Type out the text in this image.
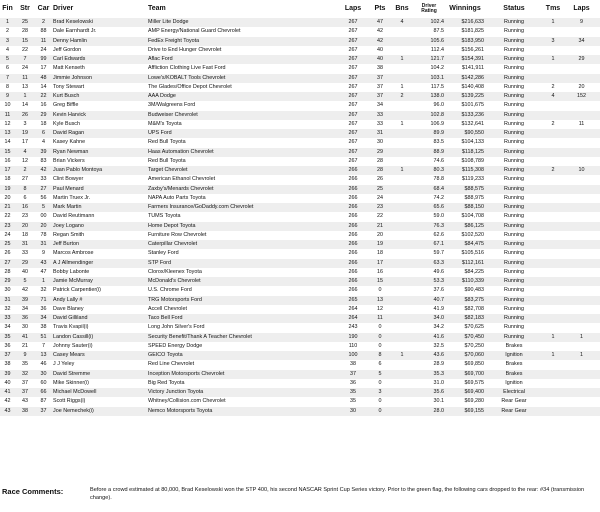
Fin	Str	Car	Driver	Team	Laps	Pts	Bns	Driver Rating	Winnings	Status	Tms	Laps
1	25	2	Brad Keselowski	Miller Lite Dodge	267	47	4	102.4	$216,633	Running	1	9
2	28	88	Dale Earnhardt Jr.	AMP Energy/National Guard Chevrolet	267	42		87.5	$181,825	Running		
3	15	11	Denny Hamlin	FedEx Freight Toyota	267	42		105.6	$183,950	Running	3	34
4	22	24	Jeff Gordon	Drive to End Hunger Chevrolet	267	40		112.4	$156,261	Running		
5	7	99	Carl Edwards	Aflac Ford	267	40	1	121.7	$154,391	Running	1	29
6	24	17	Matt Kenseth	Affliction Clothing Live Fast Ford	267	38		104.2	$141,911	Running		
7	11	48	Jimmie Johnson	Lowe's/KOBALT Tools Chevrolet	267	37		103.1	$142,286	Running		
8	13	14	Tony Stewart	The Glades/Office Depot Chevrolet	267	37	1	117.5	$140,408	Running	2	20
9	1	22	Kurt Busch	AAA Dodge	267	37	2	138.0	$139,225	Running	4	152
10	14	16	Greg Biffle	3M/Walgreens Ford	267	34		96.0	$101,675	Running		
11	26	29	Kevin Harvick	Budweiser Chevrolet	267	33		102.8	$133,236	Running		
12	3	18	Kyle Busch	M&M's Toyota	267	33	1	106.9	$132,641	Running	2	11
13	19	6	David Ragan	UPS Ford	267	31		89.9	$90,550	Running		
14	17	4	Kasey Kahne	Red Bull Toyota	267	30		83.5	$104,133	Running		
15	4	39	Ryan Newman	Haas Automation Chevrolet	267	29		88.9	$118,125	Running		
16	12	83	Brian Vickers	Red Bull Toyota	267	28		74.6	$108,789	Running		
17	2	42	Juan Pablo Montoya	Target Chevrolet	266	28	1	80.3	$115,308	Running	2	10
18	27	33	Clint Bowyer	American Ethanol Chevrolet	266	26		78.8	$119,233	Running		
19	8	27	Paul Menard	Zaxby's/Menards Chevrolet	266	25		68.4	$88,575	Running		
20	6	56	Martin Truex Jr.	NAPA Auto Parts Toyota	266	24		74.2	$88,975	Running		
21	16	5	Mark Martin	Farmers Insurance/GoDaddy.com Chevrolet	266	23		65.6	$88,150	Running		
22	23	00	David Reutimann	TUMS Toyota	266	22		59.0	$104,708	Running		
23	20	20	Joey Logano	Home Depot Toyota	266	21		76.3	$86,125	Running		
24	18	78	Regan Smith	Furniture Row Chevrolet	266	20		62.6	$102,520	Running		
25	31	31	Jeff Burton	Caterpillar Chevrolet	266	19		67.1	$84,475	Running		
26	33	9	Marcos Ambrose	Stanley Ford	266	18		59.7	$105,516	Running		
27	29	43	A J Allmendinger	STP Ford	266	17		63.3	$112,161	Running		
28	40	47	Bobby Labonte	Clorox/Kleenex Toyota	266	16		49.6	$84,225	Running		
29	5	1	Jamie McMurray	McDonald's Chevrolet	266	15		53.3	$110,339	Running		
30	42	32	Patrick Carpentier(i)	U.S. Chrome Ford	266	0		37.6	$90,483	Running		
31	39	71	Andy Lally #	TRG Motorsports Ford	265	13		40.7	$83,275	Running		
32	34	36	Dave Blaney	Accell Chevrolet	264	12		41.9	$82,708	Running		
33	36	34	David Gilliland	Taco Bell Ford	264	11		34.0	$82,183	Running		
34	30	38	Travis Kvapil(i)	Long John Silver's Ford	243	0		34.2	$70,625	Running		
35	41	51	Landon Cassill(i)	Security Benefit/Thank A Teacher Chevrolet	190	0		41.6	$70,450	Running	1	1
36	21	7	Johnny Sauter(i)	SPEED Energy Dodge	110	0		32.5	$70,250	Brakes		
37	9	13	Casey Mears	GEICO Toyota	100	8	1	43.6	$70,060	Ignition	1	1
38	35	46	J J Yeley	Red Line Chevrolet	38	6		28.9	$69,850	Brakes		
39	32	30	David Stremme	Inception Motorsports Chevrolet	37	5		35.3	$69,700	Brakes		
40	37	60	Mike Skinner(i)	Big Red Toyota	36	0		31.0	$69,575	Ignition		
41	37	66	Michael McDowell	Victory Junction Toyota	35	3		35.6	$69,400	Electrical		
42	43	87	Scott Riggs(i)	Whitney/Collision.com Chevrolet	35	0		30.1	$69,280	Rear Gear		
43	38	37	Joe Nemechek(i)	Nemco Motorsports Toyota	30	0		28.0	$69,155	Rear Gear		
Race Comments:	Before a crowd estimated at 80,000, Brad Keselowski won the STP 400, his second NASCAR Sprint Cup Series victory. Prior to the green flag, the following cars dropped to the rear: #34 (transmission change).
